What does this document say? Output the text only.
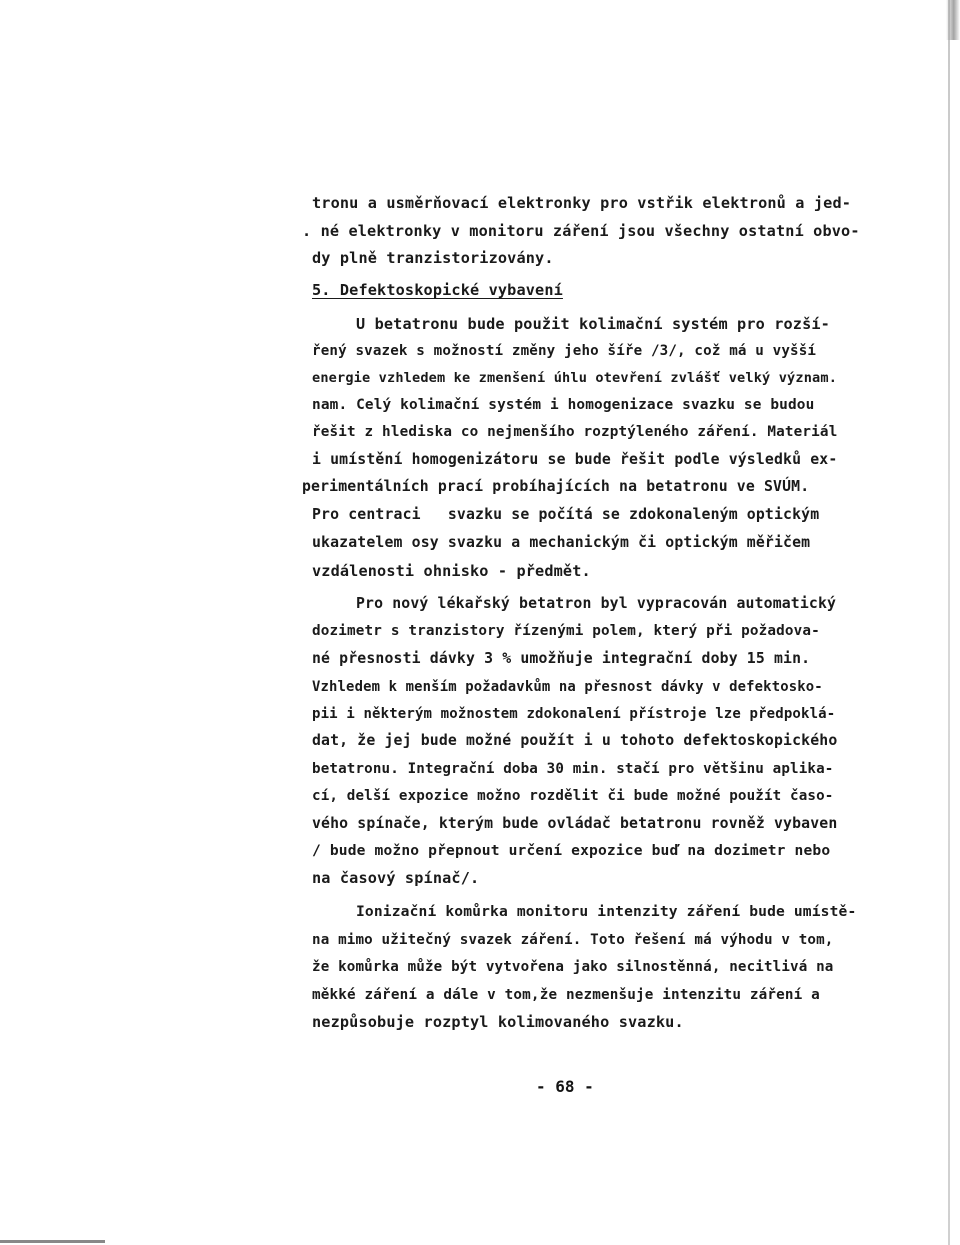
tronu a usměrňovací elektronky pro vstřik elektronů a jed-
. né elektronky v monitoru záření jsou všechny ostatní obvo-
dy plně tranzistorizovány.
5. Defektoskopické vybavení
U betatronu bude použit kolimační systém pro rozší-
řený svazek s možností změny jeho šíře /3/, což má u vyšší
energie vzhledem ke zmenšení úhlu otevření zvlášť velký význam.
nam. Celý kolimační systém i homogenizace svazku se budou
řešit z hlediska co nejmenšího rozptýleného záření. Materiál
i umístění homogenizátoru se bude řešit podle výsledků ex-
perimentálních prací probíhajících na betatronu ve SVÚM.
Pro centraci   svazku se počítá se zdokonaleným optickým
ukazatelem osy svazku a mechanickým či optickým měřičem
vzdálenosti ohnisko - předmět.
Pro nový lékařský betatron byl vypracován automatický
dozimetr s tranzistory řízenými polem, který při požadova-
né přesnosti dávky 3 % umožňuje integrační doby 15 min.
Vzhledem k menším požadavkům na přesnost dávky v defektosko-
pii i některým možnostem zdokonalení přístroje lze předpoklá-
dat, že jej bude možné použít i u tohoto defektoskopického
betatronu. Integrační doba 30 min. stačí pro většinu aplika-
cí, delší expozice možno rozdělit či bude možné použít časo-
vého spínače, kterým bude ovládač betatronu rovněž vybaven
/ bude možno přepnout určení expozice buď na dozimetr nebo
na časový spínač/.
Ionizační komůrka monitoru intenzity záření bude umístě-
na mimo užitečný svazek záření. Toto řešení má výhodu v tom,
že komůrka může být vytvořena jako silnostěnná, necitlivá na
měkké záření a dále v tom,že nezmenšuje intenzitu záření a
nezpůsobuje rozptyl kolimovaného svazku.
- 68 -
